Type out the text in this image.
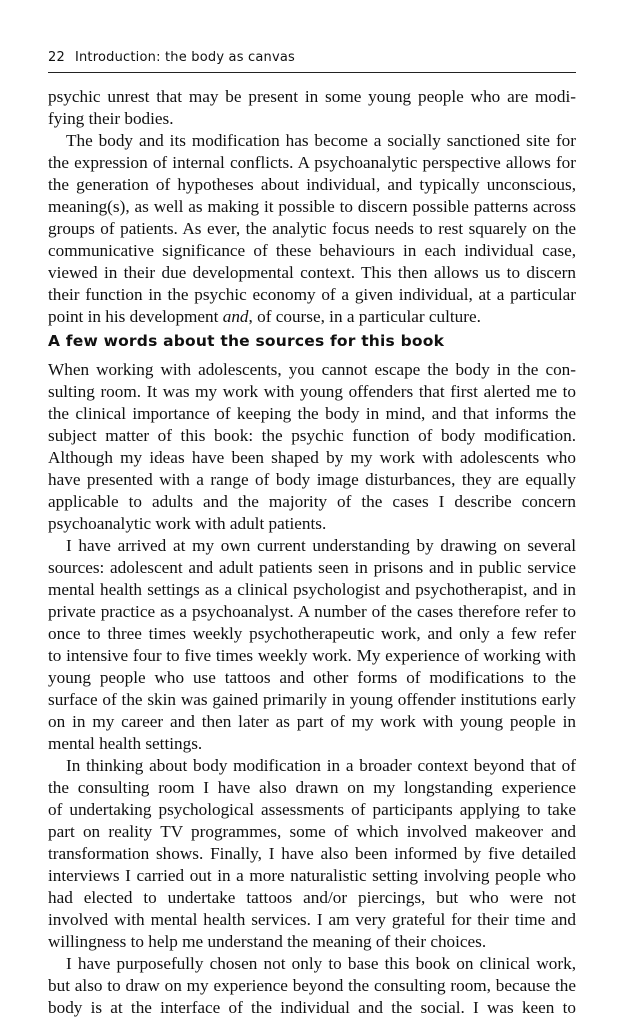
22 Introduction: the body as canvas
psychic unrest that may be present in some young people who are modi-
fying their bodies.
The body and its modification has become a socially sanctioned site for
the expression of internal conflicts. A psychoanalytic perspective allows for
the generation of hypotheses about individual, and typically unconscious,
meaning(s), as well as making it possible to discern possible patterns across
groups of patients. As ever, the analytic focus needs to rest squarely on the
communicative significance of these behaviours in each individual case,
viewed in their due developmental context. This then allows us to discern
their function in the psychic economy of a given individual, at a particular
point in his development and, of course, in a particular culture.
A few words about the sources for this book
When working with adolescents, you cannot escape the body in the con-
sulting room. It was my work with young offenders that first alerted me to
the clinical importance of keeping the body in mind, and that informs the
subject matter of this book: the psychic function of body modification.
Although my ideas have been shaped by my work with adolescents who
have presented with a range of body image disturbances, they are equally
applicable to adults and the majority of the cases I describe concern
psychoanalytic work with adult patients.
I have arrived at my own current understanding by drawing on several
sources: adolescent and adult patients seen in prisons and in public service
mental health settings as a clinical psychologist and psychotherapist, and in
private practice as a psychoanalyst. A number of the cases therefore refer to
once to three times weekly psychotherapeutic work, and only a few refer
to intensive four to five times weekly work. My experience of working with
young people who use tattoos and other forms of modifications to the
surface of the skin was gained primarily in young offender institutions early
on in my career and then later as part of my work with young people in
mental health settings.
In thinking about body modification in a broader context beyond that of
the consulting room I have also drawn on my longstanding experience
of undertaking psychological assessments of participants applying to take
part on reality TV programmes, some of which involved makeover and
transformation shows. Finally, I have also been informed by five detailed
interviews I carried out in a more naturalistic setting involving people who
had elected to undertake tattoos and/or piercings, but who were not
involved with mental health services. I am very grateful for their time and
willingness to help me understand the meaning of their choices.
I have purposefully chosen not only to base this book on clinical work,
but also to draw on my experience beyond the consulting room, because the
body is at the interface of the individual and the social. I was keen to
